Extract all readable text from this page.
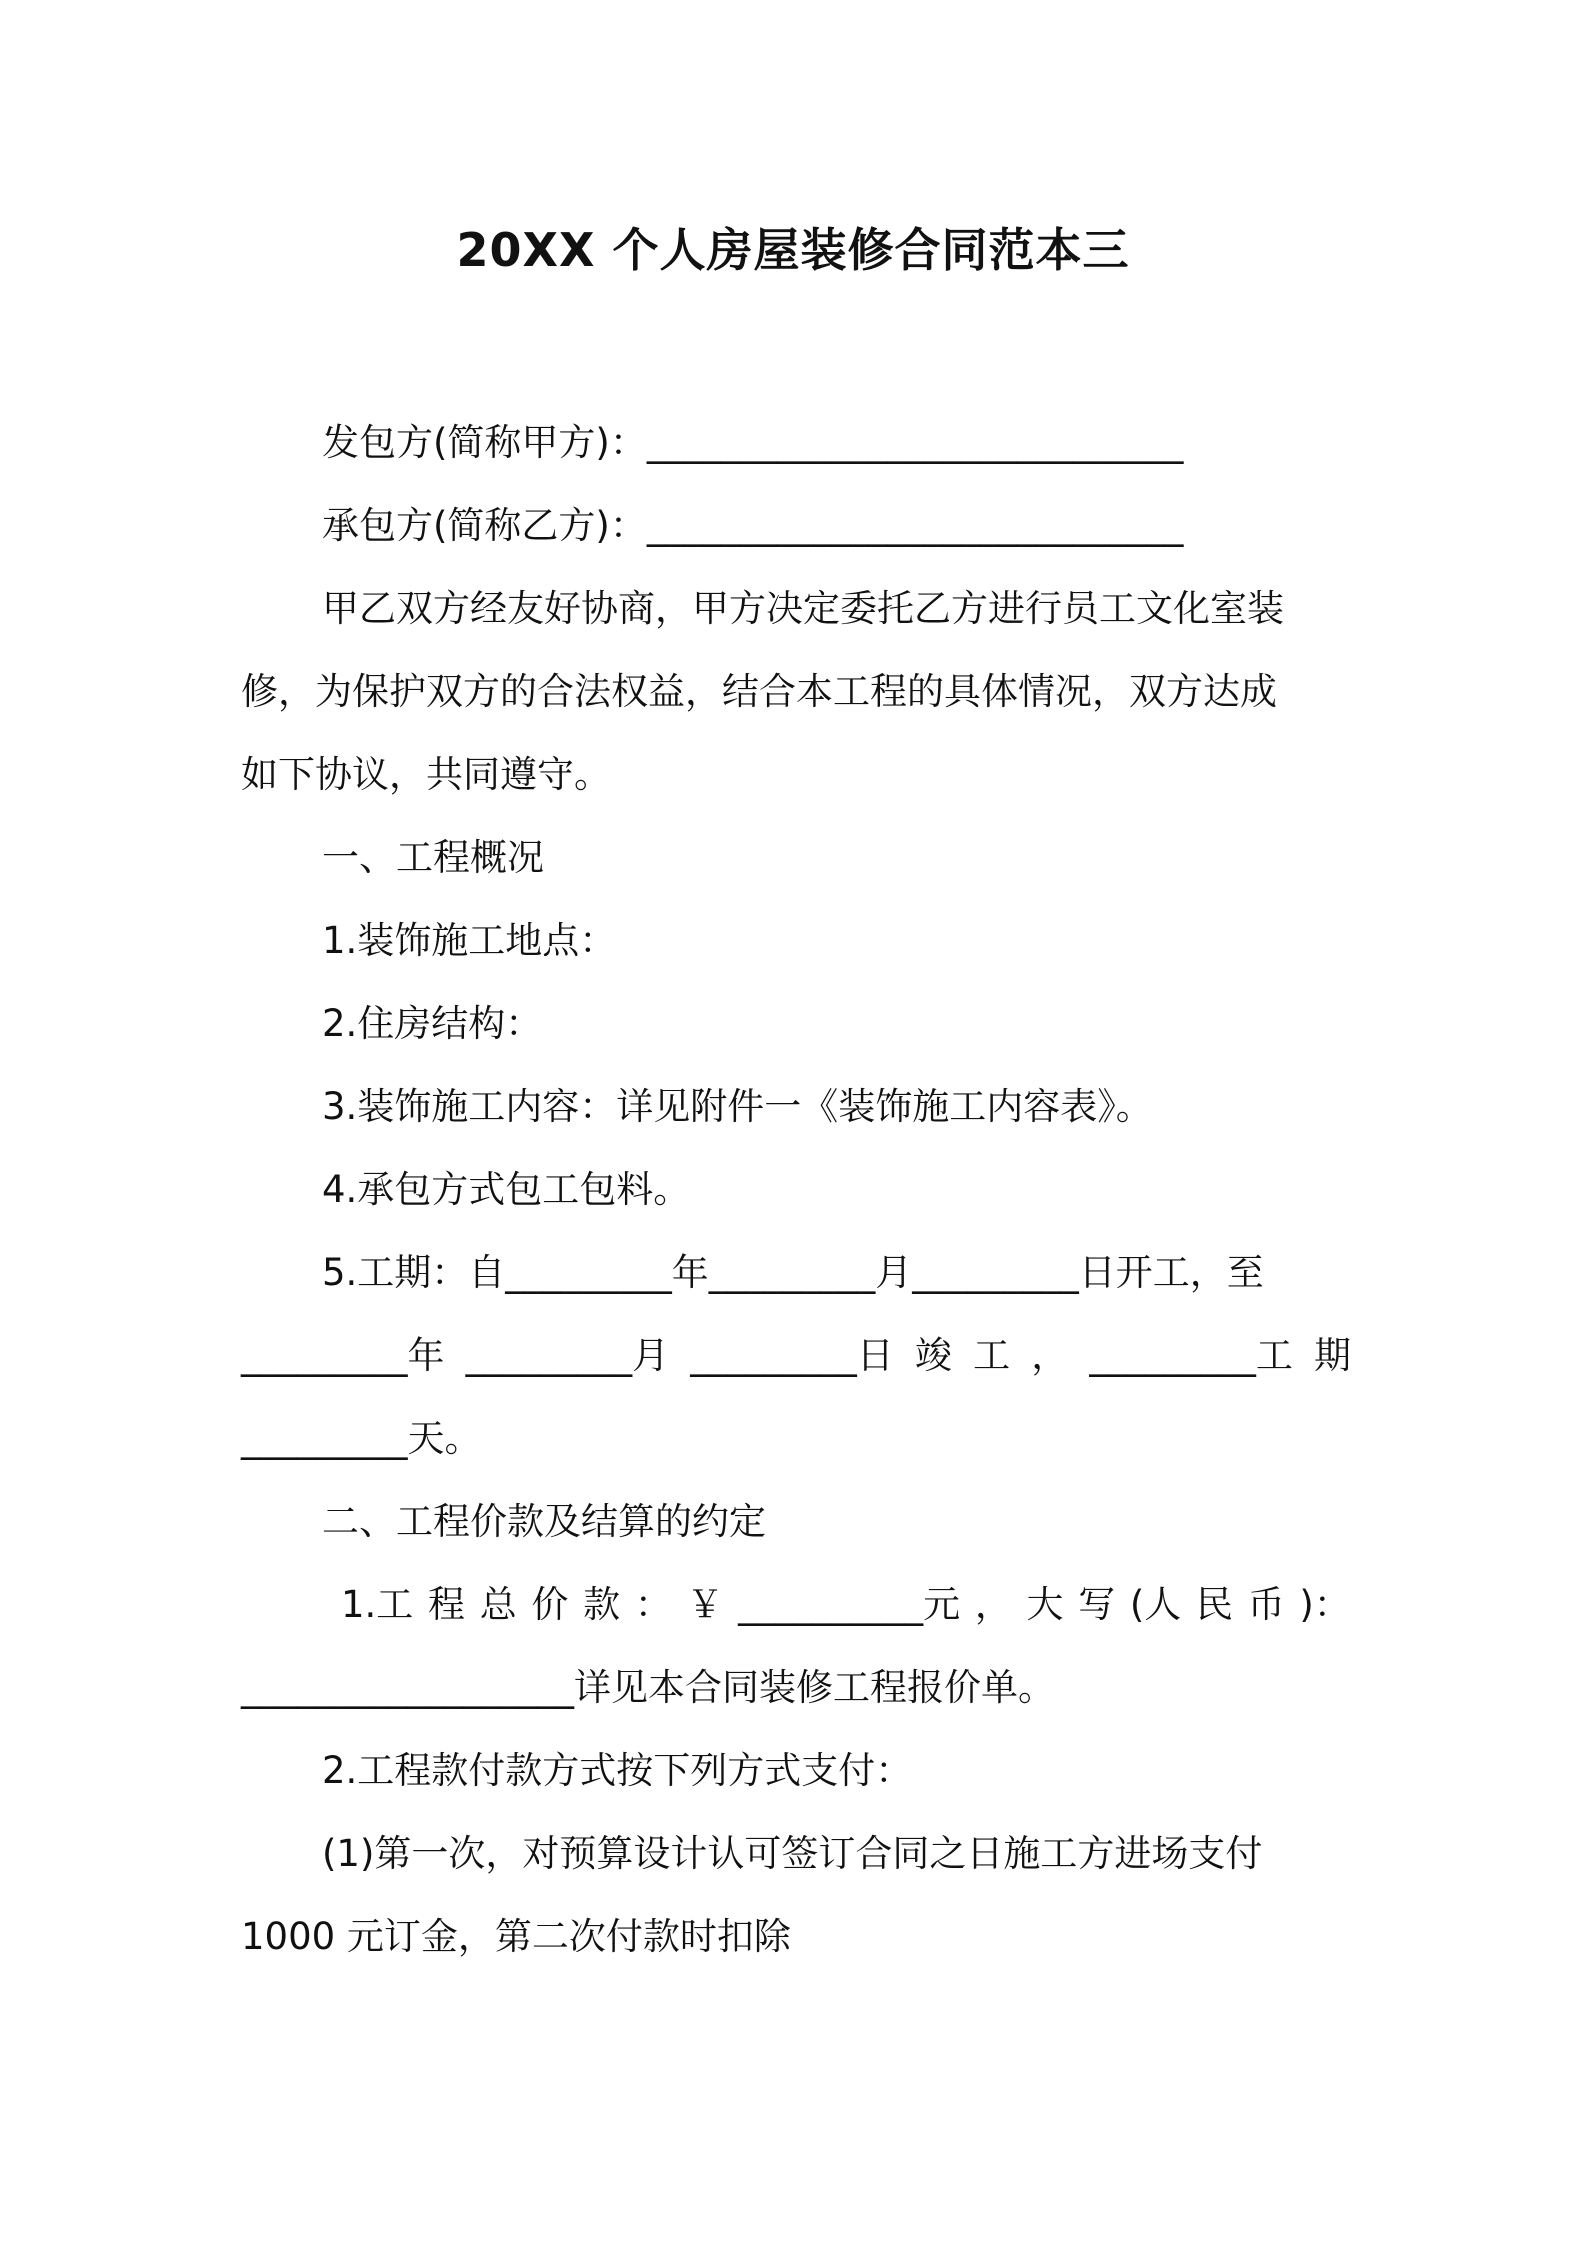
20XX 个人房屋装修合同范本三
发包方(简称甲方)：_____________________________
承包方(简称乙方)：_____________________________
甲乙双方经友好协商，甲方决定委托乙方进行员工文化室装
修，为保护双方的合法权益，结合本工程的具体情况，双方达成
如下协议，共同遵守。
一、工程概况
1.装饰施工地点：
2.住房结构：
3.装饰施工内容：详见附件一《装饰施工内容表》。
4.承包方式包工包料。
5.工期：自_________年_________月_________日开工，至
_________年 _________月 _________日 竣 工 ， _________工 期
_________天。
二、工程价款及结算的约定
1.工 程 总 价 款 ： ￥ __________元 ， 大 写 (人 民 币 )：
__________________详见本合同装修工程报价单。
2.工程款付款方式按下列方式支付：
(1)第一次，对预算设计认可签订合同之日施工方进场支付
1000 元订金，第二次付款时扣除
